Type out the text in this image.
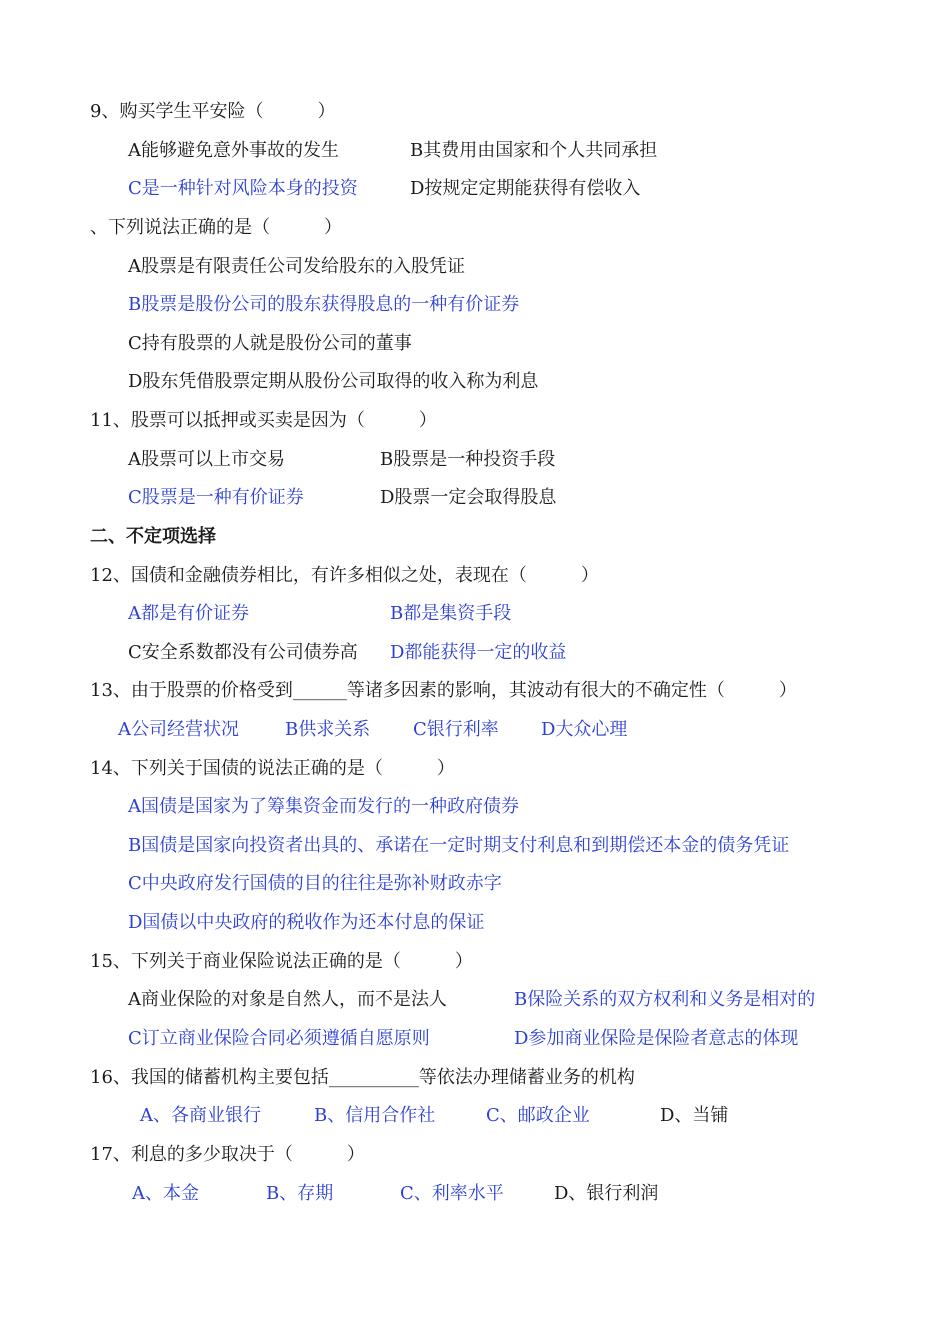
9、购买学生平安险（　　　）
A能够避免意外事故的发生	B其费用由国家和个人共同承担
C是一种针对风险本身的投资	D按规定定期能获得有偿收入
、下列说法正确的是（　　　）
A股票是有限责任公司发给股东的入股凭证
B股票是股份公司的股东获得股息的一种有价证券
C持有股票的人就是股份公司的董事
D股东凭借股票定期从股份公司取得的收入称为利息
11、股票可以抵押或买卖是因为（　　　）
A股票可以上市交易	B股票是一种投资手段
C股票是一种有价证券	D股票一定会取得股息
二、不定项选择
12、国债和金融债券相比，有许多相似之处，表现在（　　　）
A都是有价证券	B都是集资手段
C安全系数都没有公司债券高 D都能获得一定的收益
13、由于股票的价格受到______等诸多因素的影响，其波动有很大的不确定性（　　　）
A公司经营状况	B供求关系 C银行利率 D大众心理
14、下列关于国债的说法正确的是（　　　）
A国债是国家为了筹集资金而发行的一种政府债券
B国债是国家向投资者出具的、承诺在一定时期支付利息和到期偿还本金的债务凭证
C中央政府发行国债的目的往往是弥补财政赤字
D国债以中央政府的税收作为还本付息的保证
15、下列关于商业保险说法正确的是（　　　）
A商业保险的对象是自然人，而不是法人	B保险关系的双方权利和义务是相对的
C订立商业保险合同必须遵循自愿原则	D参加商业保险是保险者意志的体现
16、我国的储蓄机构主要包括__________等依法办理储蓄业务的机构
A、各商业银行	B、信用合作社	C、邮政企业	D、当铺
17、利息的多少取决于（　　　）
A、本金	B、存期	C、利率水平	D、银行利润
